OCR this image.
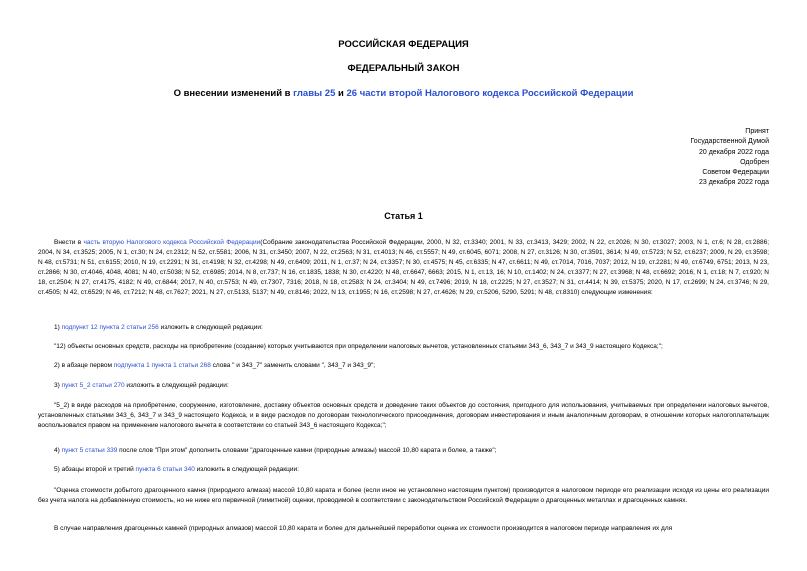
РОССИЙСКАЯ ФЕДЕРАЦИЯ
ФЕДЕРАЛЬНЫЙ ЗАКОН
О внесении изменений в главы 25 и 26 части второй Налогового кодекса Российской Федерации
Принят
Государственной Думой
20 декабря 2022 года
Одобрен
Советом Федерации
23 декабря 2022 года
Статья 1
Внести в часть вторую Налогового кодекса Российской Федерации(Собрание законодательства Российской Федерации, 2000, N 32, ст.3340; 2001, N 33, ст.3413, 3429; 2002, N 22, ст.2026; N 30, ст.3027; 2003, N 1, ст.6; N 28, ст.2886; 2004, N 34, ст.3525; 2005, N 1, ст.30; N 24, ст.2312; N 52, ст.5581; 2006, N 31, ст.3450; 2007, N 22, ст.2563; N 31, ст.4013; N 46, ст.5557; N 49, ст.6045, 6071; 2008, N 27, ст.3126; N 30, ст.3591, 3614; N 49, ст.5723; N 52, ст.6237; 2009, N 29, ст.3598; N 48, ст.5731; N 51, ст.6155; 2010, N 19, ст.2291; N 31, ст.4198; N 32, ст.4298; N 49, ст.6409; 2011, N 1, ст.37; N 24, ст.3357; N 30, ст.4575; N 45, ст.6335; N 47, ст.6611; N 49, ст.7014, 7016, 7037; 2012, N 19, ст.2281; N 49, ст.6749, 6751; 2013, N 23, ст.2866; N 30, ст.4046, 4048, 4081; N 40, ст.5038; N 52, ст.6985; 2014, N 8, ст.737; N 16, ст.1835, 1838; N 30, ст.4220; N 48, ст.6647, 6663; 2015, N 1, ст.13, 16; N 10, ст.1402; N 24, ст.3377; N 27, ст.3968; N 48, ст.6692; 2016, N 1, ст.18; N 7, ст.920; N 18, ст.2504; N 27, ст.4175, 4182; N 49, ст.6844; 2017, N 40, ст.5753; N 49, ст.7307, 7316; 2018, N 18, ст.2583; N 24, ст.3404; N 49, ст.7496; 2019, N 18, ст.2225; N 27, ст.3527; N 31, ст.4414; N 39, ст.5375; 2020, N 17, ст.2699; N 24, ст.3746; N 29, ст.4505; N 42, ст.6529; N 46, ст.7212; N 48, ст.7627; 2021, N 27, ст.5133, 5137; N 49, ст.8146; 2022, N 13, ст.1955; N 16, ст.2598; N 27, ст.4626; N 29, ст.5206, 5290, 5291; N 48, ст.8310) следующие изменения:
1) подпункт 12 пункта 2 статьи 256 изложить в следующей редакции:
"12) объекты основных средств, расходы на приобретение (создание) которых учитываются при определении налоговых вычетов, установленных статьями 343_6, 343_7 и 343_9 настоящего Кодекса;";
2) в абзаце первом подпункта 1 пункта 1 статьи 268 слова " и 343_7" заменить словами ", 343_7 и 343_9";
3) пункт 5_2 статьи 270 изложить в следующей редакции:
"5_2) в виде расходов на приобретение, сооружение, изготовление, доставку объектов основных средств и доведение таких объектов до состояния, пригодного для использования, учитываемых при определении налоговых вычетов, установленных статьями 343_6, 343_7 и 343_9 настоящего Кодекса, и в виде расходов по договорам технологического присоединения, договорам инвестирования и иным аналогичным договорам, в отношении которых налогоплательщик воспользовался правом на применение налогового вычета в соответствии со статьей 343_6 настоящего Кодекса;";
4) пункт 5 статьи 339 после слов "При этом" дополнить словами "драгоценные камни (природные алмазы) массой 10,80 карата и более, а также";
5) абзацы второй и третий пункта 6 статьи 340 изложить в следующей редакции:
"Оценка стоимости добытого драгоценного камня (природного алмаза) массой 10,80 карата и более (если иное не установлено настоящим пунктом) производится в налоговом периоде его реализации исходя из цены его реализации без учета налога на добавленную стоимость, но не ниже его первичной (лимитной) оценки, проводимой в соответствии с законодательством Российской Федерации о драгоценных металлах и драгоценных камнях.
В случае направления драгоценных камней (природных алмазов) массой 10,80 карата и более для дальнейшей переработки оценка их стоимости производится в налоговом периоде направления их для
